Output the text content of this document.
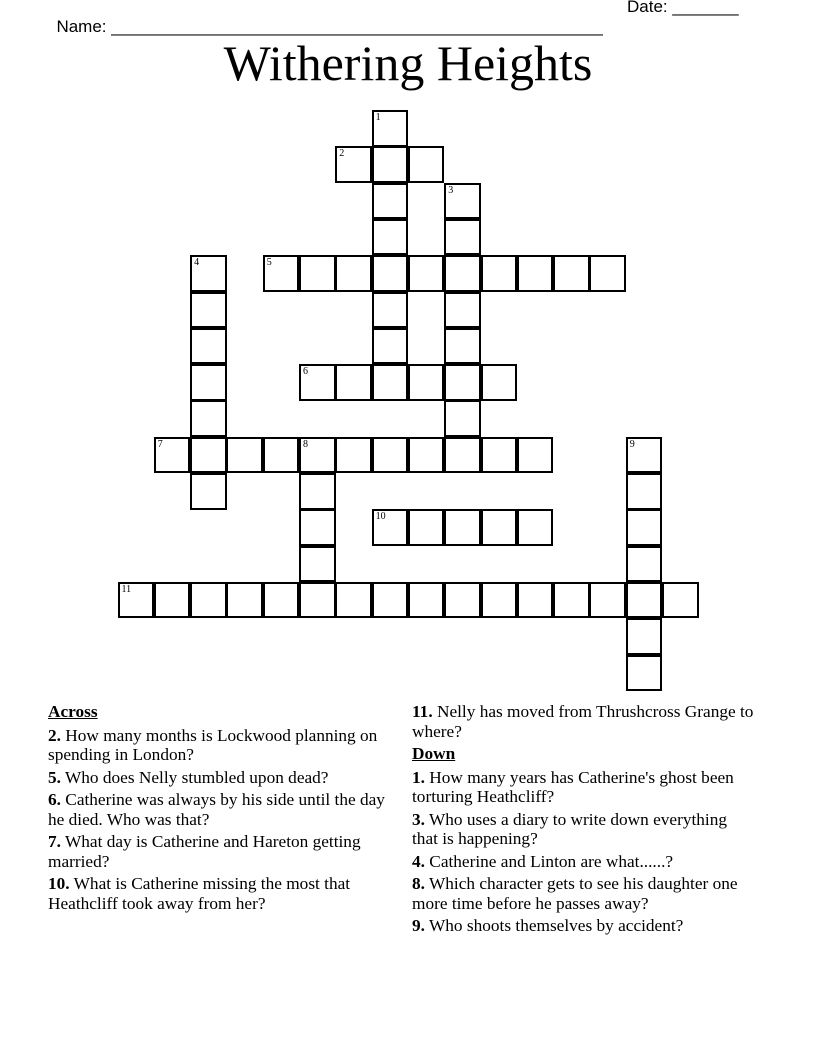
Name: ____________________________________________________

Date: _______

Withering Heights
1
2
3
4	5
6
7	8	9
10
11
Across
2. How many months is Lockwood planning on spending in London?
5. Who does Nelly stumbled upon dead?
6. Catherine was always by his side until the day he died. Who was that?
7. What day is Catherine and Hareton getting married?
10. What is Catherine missing the most that Heathcliff took away from her?
11. Nelly has moved from Thrushcross Grange to where?
Down
1. How many years has Catherine's ghost been torturing Heathcliff?
3. Who uses a diary to write down everything that is happening?
4. Catherine and Linton are what......?
8. Which character gets to see his daughter one more time before he passes away?
9. Who shoots themselves by accident?
